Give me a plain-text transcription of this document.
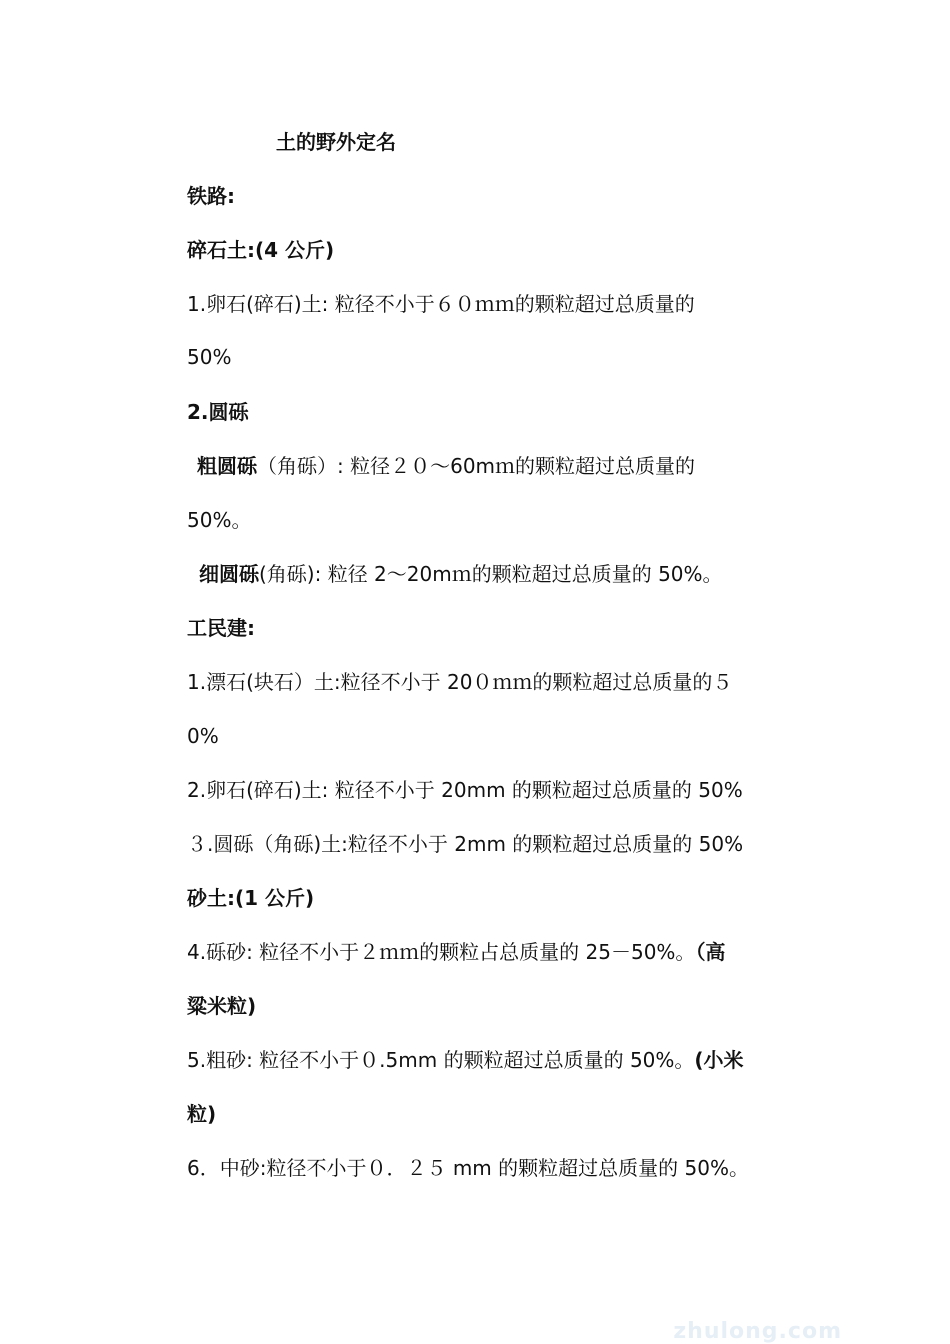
土的野外定名
铁路:
碎石土:(4 公斤)
1.卵石(碎石)土: 粒径不小于６０ｍｍ的颗粒超过总质量的
50%
2.圆砾
粗圆砾（角砾）: 粒径２０～60mｍ的颗粒超过总质量的
50%。
细圆砾(角砾): 粒径 2～20mｍ的颗粒超过总质量的 50%。
工民建:
1.漂石(块石）土:粒径不小于 20０ｍｍ的颗粒超过总质量的５
0%
2.卵石(碎石)土: 粒径不小于 20mm 的颗粒超过总质量的 50%
３.圆砾（角砾)土:粒径不小于 2mm 的颗粒超过总质量的 50%
砂土:(1 公斤)
4.砾砂: 粒径不小于２ｍｍ的颗粒占总质量的 25－50%。（高
粱米粒)
5.粗砂: 粒径不小于０.5mm 的颗粒超过总质量的 50%。(小米
粒)
6．中砂:粒径不小于０．２５ mm 的颗粒超过总质量的 50%。
zhulong.com
